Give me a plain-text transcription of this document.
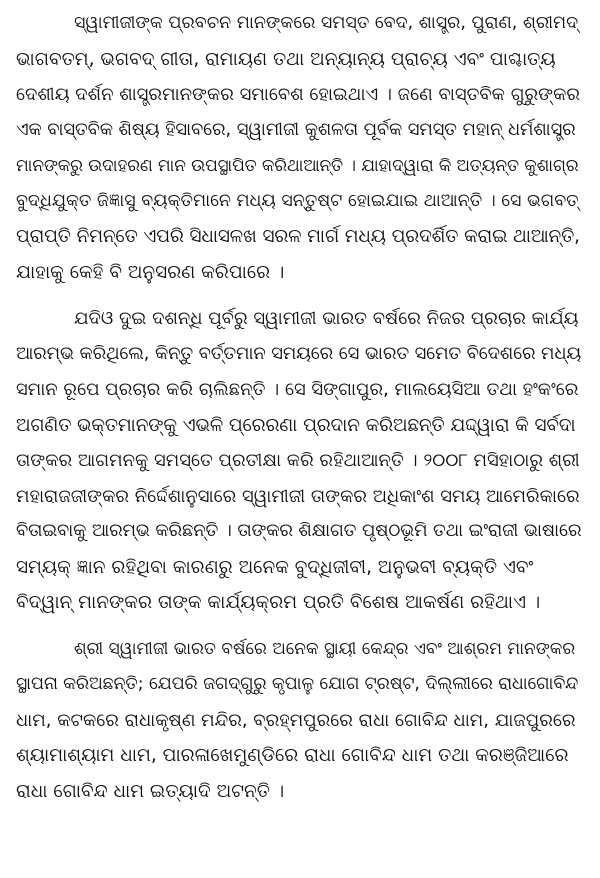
ସ୍ୱାମୀଜୀଙ୍କ ପ୍ରବଚନ ମାନଙ୍କରେ ସମସ୍ତ ବେଦ, ଶାସ୍ତ୍ର, ପୁରାଣ, ଶ୍ରୀମଦ୍
ଭାଗବତମ୍, ଭଗବଦ୍ ଗୀତା, ରାମାୟଣ ତଥା ଅନ୍ୟାନ୍ୟ ପ୍ରାଚ୍ୟ ଏବଂ ପାଶ୍ଚାତ୍ୟ
ଦେଶୀୟ ଦର୍ଶନ ଶାସ୍ତ୍ରମାନଙ୍କର ସମାବେଶ ହୋଇଥାଏ । ଜଣେ ବାସ୍ତବିକ ଗୁରୁଙ୍କର
ଏକ ବାସ୍ତବିକ ଶିଷ୍ୟ ହିସାବରେ, ସ୍ୱାମୀଜୀ କୁଶଳତା ପୂର୍ବକ ସମସ୍ତ ମହାନ୍ ଧର୍ମଶାସ୍ତ୍ର
ମାନଙ୍କରୁ ଉଦାହରଣ ମାନ ଉପସ୍ଥାପିତ କରିଥାଆନ୍ତି । ଯାହାଦ୍ୱାରା କି ଅତ୍ୟନ୍ତ କୁଶାଗ୍ର
ବୁଦ୍ଧିଯୁକ୍ତ ଜିଜ୍ଞାସୁ ବ୍ୟକ୍ତିମାନେ ମଧ୍ୟ ସନ୍ତୁଷ୍ଟ ହୋଇଯାଇ ଥାଆନ୍ତି । ସେ ଭଗବତ୍
ପ୍ରାପ୍ତି ନିମନ୍ତେ ଏପରି ସିଧାସଳଖ ସରଳ ମାର୍ଗ ମଧ୍ୟ ପ୍ରଦର୍ଶିତ କରାଇ ଥାଆନ୍ତି,
ଯାହାକୁ କେହି ବି ଅନୁସରଣ କରିପାରେ ।

ଯଦିଓ ଦୁଇ ଦଶନ୍ଧି ପୂର୍ବରୁ ସ୍ୱାମୀଜୀ ଭାରତ ବର୍ଷରେ ନିଜର ପ୍ରଚାର କାର୍ଯ୍ୟ
ଆରମ୍ଭ କରିଥିଲେ, କିନ୍ତୁ ବର୍ତ୍ତମାନ ସମୟରେ ସେ ଭାରତ ସମେତ ବିଦେଶରେ ମଧ୍ୟ
ସମାନ ରୂପେ ପ୍ରଚାର କରି ଚାଲିଛନ୍ତି । ସେ ସିଙ୍ଗାପୁର, ମାଲୟେସିଆ ତଥା ହଂକଂରେ
ଅଗଣିତ ଭକ୍ତମାନଙ୍କୁ ଏଭଳି ପ୍ରେରଣା ପ୍ରଦାନ କରିଅଛନ୍ତି ଯଦ୍ଦ୍ୱାରା କି ସର୍ବଦା
ତାଙ୍କର ଆଗମନକୁ ସମସ୍ତେ ପ୍ରତୀକ୍ଷା କରି ରହିଥାଆନ୍ତି । ୨୦୦୮ ମସିହାଠାରୁ ଶ୍ରୀ
ମହାରାଜଜୀଙ୍କର ନିର୍ଦ୍ଦେଶାନୁସାରେ ସ୍ୱାମୀଜୀ ତାଙ୍କର ଅଧିକାଂଶ ସମୟ ଆମେରିକାରେ
ବିତାଇବାକୁ ଆରମ୍ଭ କରିଛନ୍ତି । ତାଙ୍କର ଶିକ୍ଷାଗତ ପୃଷ୍ଠଭୂମି ତଥା ଇଂରାଜୀ ଭାଷାରେ
ସମ୍ୟକ୍ ଜ୍ଞାନ ରହିଥିବା କାରଣରୁ ଅନେକ ବୁଦ୍ଧିଜୀବୀ, ଅନୁଭବୀ ବ୍ୟକ୍ତି ଏବଂ
ବିଦ୍ୱାନ୍ ମାନଙ୍କର ତାଙ୍କ କାର୍ଯ୍ୟକ୍ରମ ପ୍ରତି ବିଶେଷ ଆକର୍ଷଣ ରହିଥାଏ ।

ଶ୍ରୀ ସ୍ୱାମୀଜୀ ଭାରତ ବର୍ଷରେ ଅନେକ ସ୍ଥାୟୀ କେନ୍ଦ୍ର ଏବଂ ଆଶ୍ରମ ମାନଙ୍କର
ସ୍ଥାପନା କରିଅଛନ୍ତି; ଯେପରି ଜଗଦ୍‌ଗୁରୁ କୃପାଳୁ ଯୋଗ ଟ୍ରଷ୍ଟ, ଦିଲ୍ଲୀରେ ରାଧାଗୋବିନ୍ଦ
ଧାମ, କଟକରେ ରାଧାକୃଷ୍ଣ ମନ୍ଦିର, ବ୍ରହ୍ମପୁରରେ ରାଧା ଗୋବିନ୍ଦ ଧାମ, ଯାଜପୁରରେ
ଶ୍ୟାମାଶ୍ୟାମ ଧାମ, ପାରଳାଖେମୁଣ୍ଡିରେ ରାଧା ଗୋବିନ୍ଦ ଧାମ ତଥା କରଞ୍ଜିଆରେ
ରାଧା ଗୋବିନ୍ଦ ଧାମ ଇତ୍ୟାଦି ଅଟନ୍ତି ।
